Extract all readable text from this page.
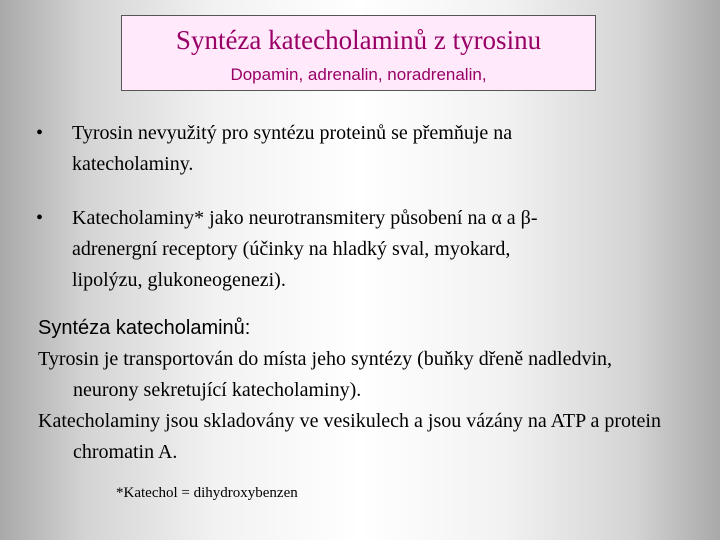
Syntéza katecholaminů z tyrosinu
Dopamin, adrenalin, noradrenalin,
• Tyrosin nevyužitý pro syntézu proteinů se přemňuje na
katecholaminy.
• Katecholaminy* jako neurotransmitery působení na α a β-
adrenergní receptory (účinky na hladký sval, myokard,
lipolýzu, glukoneogenezi).
Syntéza katecholaminů:
Tyrosin je transportován do místa jeho syntézy (buňky dřeně nadledvin, neurony sekretující katecholaminy).
Katecholaminy jsou skladovány ve vesikulech a jsou vázány na ATP a protein chromatin A.
*Katechol = dihydroxybenzen
